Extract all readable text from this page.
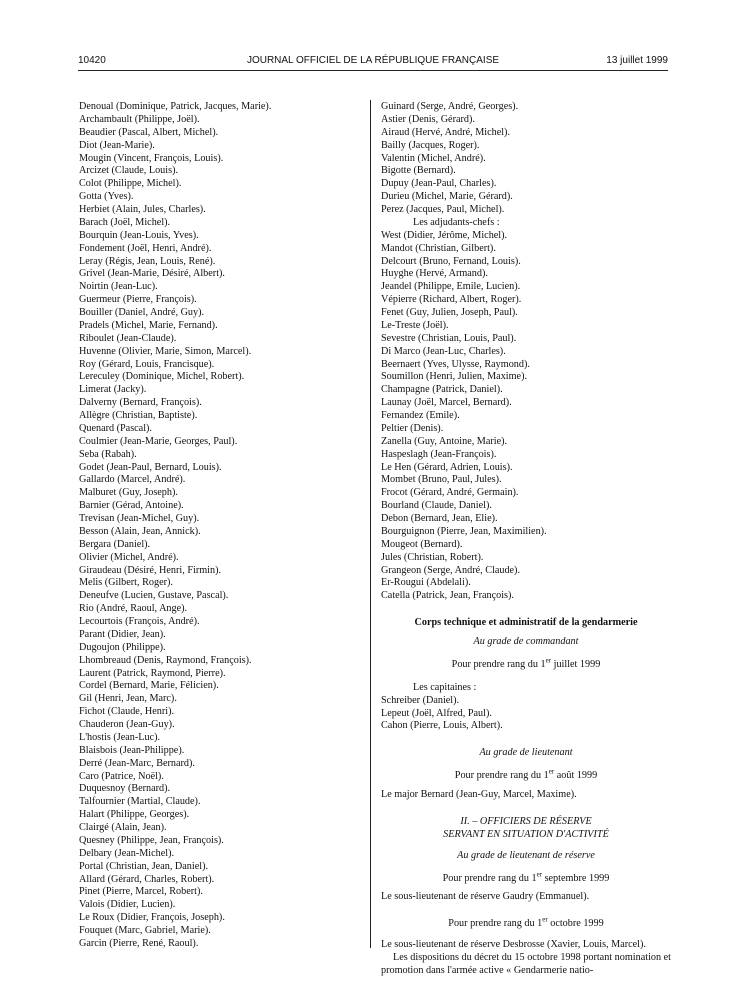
10420	JOURNAL OFFICIEL DE LA RÉPUBLIQUE FRANÇAISE	13 juillet 1999
Denoual (Dominique, Patrick, Jacques, Marie).
Archambault (Philippe, Joël).
Beaudier (Pascal, Albert, Michel).
Diot (Jean-Marie).
Mougin (Vincent, François, Louis).
Arcizet (Claude, Louis).
Colot (Philippe, Michel).
Gotta (Yves).
Herbiet (Alain, Jules, Charles).
Barach (Joël, Michel).
Bourquin (Jean-Louis, Yves).
Fondement (Joël, Henri, André).
Leray (Régis, Jean, Louis, René).
Grivel (Jean-Marie, Désiré, Albert).
Noirtin (Jean-Luc).
Guermeur (Pierre, François).
Bouiller (Daniel, André, Guy).
Pradels (Michel, Marie, Fernand).
Riboulet (Jean-Claude).
Huvenne (Olivier, Marie, Simon, Marcel).
Roy (Gérard, Louis, Francisque).
Lereculey (Dominique, Michel, Robert).
Limerat (Jacky).
Dalverny (Bernard, François).
Allègre (Christian, Baptiste).
Quenard (Pascal).
Coulmier (Jean-Marie, Georges, Paul).
Seba (Rabah).
Godet (Jean-Paul, Bernard, Louis).
Gallardo (Marcel, André).
Malburet (Guy, Joseph).
Barnier (Gérad, Antoine).
Trevisan (Jean-Michel, Guy).
Besson (Alain, Jean, Annick).
Bergara (Daniel).
Olivier (Michel, André).
Giraudeau (Désiré, Henri, Firmin).
Melis (Gilbert, Roger).
Deneufve (Lucien, Gustave, Pascal).
Rio (André, Raoul, Ange).
Lecourtois (François, André).
Parant (Didier, Jean).
Dugoujon (Philippe).
Lhombreaud (Denis, Raymond, François).
Laurent (Patrick, Raymond, Pierre).
Cordel (Bernard, Marie, Félicien).
Gil (Henri, Jean, Marc).
Fichot (Claude, Henri).
Chauderon (Jean-Guy).
L'hostis (Jean-Luc).
Blaisbois (Jean-Philippe).
Derré (Jean-Marc, Bernard).
Caro (Patrice, Noël).
Duquesnoy (Bernard).
Talfournier (Martial, Claude).
Halart (Philippe, Georges).
Clairgé (Alain, Jean).
Quesney (Philippe, Jean, François).
Delbary (Jean-Michel).
Portal (Christian, Jean, Daniel).
Allard (Gérard, Charles, Robert).
Pinet (Pierre, Marcel, Robert).
Valois (Didier, Lucien).
Le Roux (Didier, François, Joseph).
Fouquet (Marc, Gabriel, Marie).
Garcin (Pierre, René, Raoul).
Guinard (Serge, André, Georges).
Astier (Denis, Gérard).
Airaud (Hervé, André, Michel).
Bailly (Jacques, Roger).
Valentin (Michel, André).
Bigotte (Bernard).
Dupuy (Jean-Paul, Charles).
Durieu (Michel, Marie, Gérard).
Perez (Jacques, Paul, Michel).
Les adjudants-chefs :
West (Didier, Jérôme, Michel).
Mandot (Christian, Gilbert).
Delcourt (Bruno, Fernand, Louis).
Huyghe (Hervé, Armand).
Jeandel (Philippe, Emile, Lucien).
Vépierre (Richard, Albert, Roger).
Fenet (Guy, Julien, Joseph, Paul).
Le-Treste (Joël).
Sevestre (Christian, Louis, Paul).
Di Marco (Jean-Luc, Charles).
Beernaert (Yves, Ulysse, Raymond).
Soumillon (Henri, Julien, Maxime).
Champagne (Patrick, Daniel).
Launay (Joël, Marcel, Bernard).
Fernandez (Emile).
Peltier (Denis).
Zanella (Guy, Antoine, Marie).
Haspeslagh (Jean-François).
Le Hen (Gérard, Adrien, Louis).
Mombet (Bruno, Paul, Jules).
Frocot (Gérard, André, Germain).
Bourland (Claude, Daniel).
Debon (Bernard, Jean, Elie).
Bourguignon (Pierre, Jean, Maximilien).
Mougeot (Bernard).
Jules (Christian, Robert).
Grangeon (Serge, André, Claude).
Er-Rougui (Abdelali).
Catella (Patrick, Jean, François).
Corps technique et administratif de la gendarmerie
Au grade de commandant
Pour prendre rang du 1er juillet 1999
Les capitaines :
Schreiber (Daniel).
Lepeut (Joël, Alfred, Paul).
Cahon (Pierre, Louis, Albert).
Au grade de lieutenant
Pour prendre rang du 1er août 1999
Le major Bernard (Jean-Guy, Marcel, Maxime).
II. – OFFICIERS DE RÉSERVE
SERVANT EN SITUATION D'ACTIVITÉ
Au grade de lieutenant de réserve
Pour prendre rang du 1er septembre 1999
Le sous-lieutenant de réserve Gaudry (Emmanuel).
Pour prendre rang du 1er octobre 1999
Le sous-lieutenant de réserve Desbrosse (Xavier, Louis, Marcel).
Les dispositions du décret du 15 octobre 1998 portant nomination et promotion dans l'armée active « Gendarmerie natio-
